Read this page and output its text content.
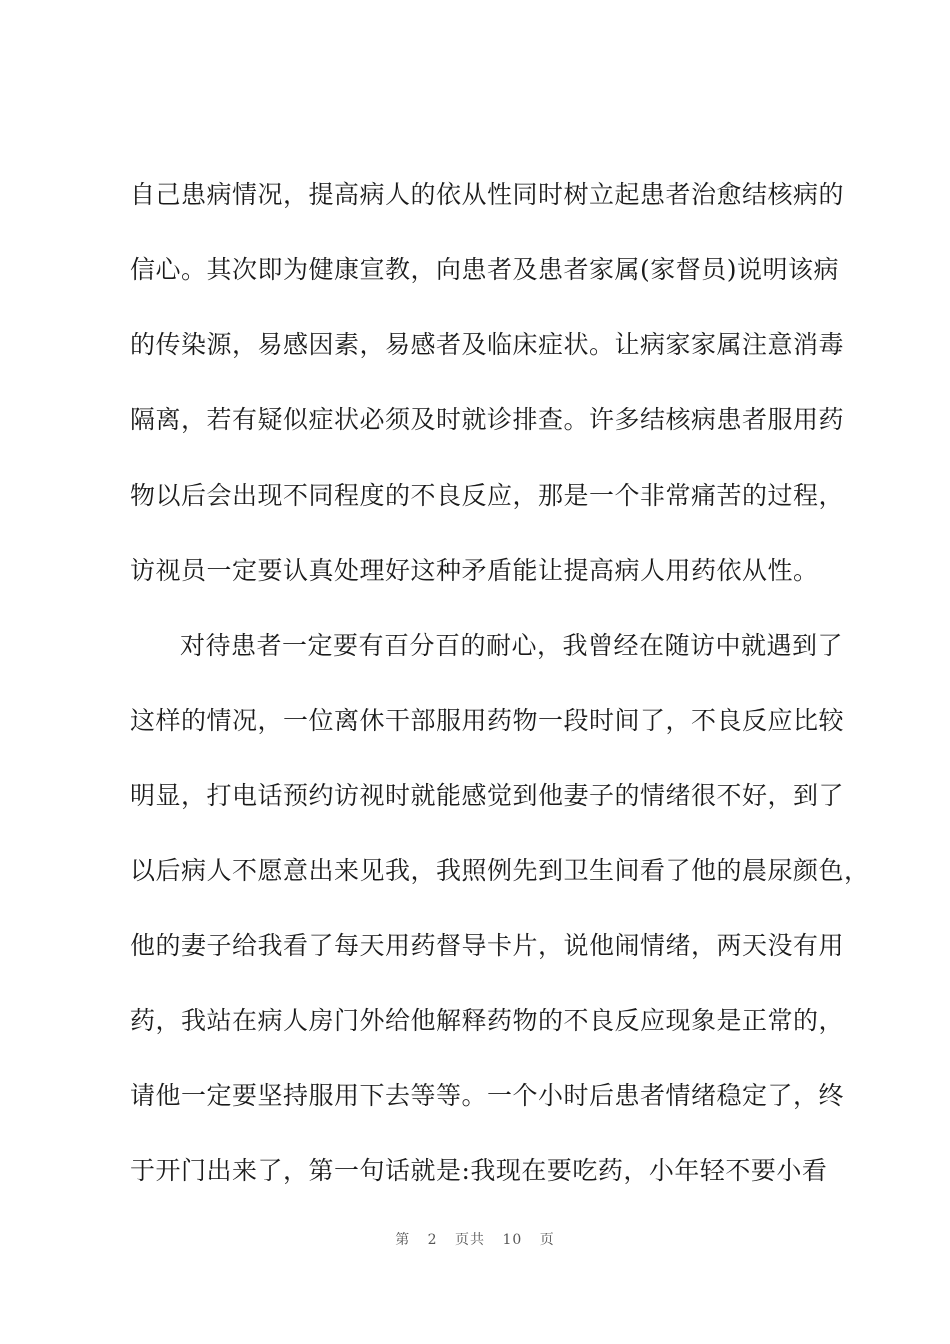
自己患病情况，提高病人的依从性同时树立起患者治愈结核病的
信心。其次即为健康宣教，向患者及患者家属(家督员)说明该病
的传染源，易感因素，易感者及临床症状。让病家家属注意消毒
隔离，若有疑似症状必须及时就诊排查。许多结核病患者服用药
物以后会出现不同程度的不良反应，那是一个非常痛苦的过程，
访视员一定要认真处理好这种矛盾能让提高病人用药依从性。
对待患者一定要有百分百的耐心，我曾经在随访中就遇到了
这样的情况，一位离休干部服用药物一段时间了，不良反应比较
明显，打电话预约访视时就能感觉到他妻子的情绪很不好，到了
以后病人不愿意出来见我，我照例先到卫生间看了他的晨尿颜色，
他的妻子给我看了每天用药督导卡片，说他闹情绪，两天没有用
药，我站在病人房门外给他解释药物的不良反应现象是正常的，
请他一定要坚持服用下去等等。一个小时后患者情绪稳定了，终
于开门出来了，第一句话就是:我现在要吃药，小年轻不要小看
第 2 页共 10 页
